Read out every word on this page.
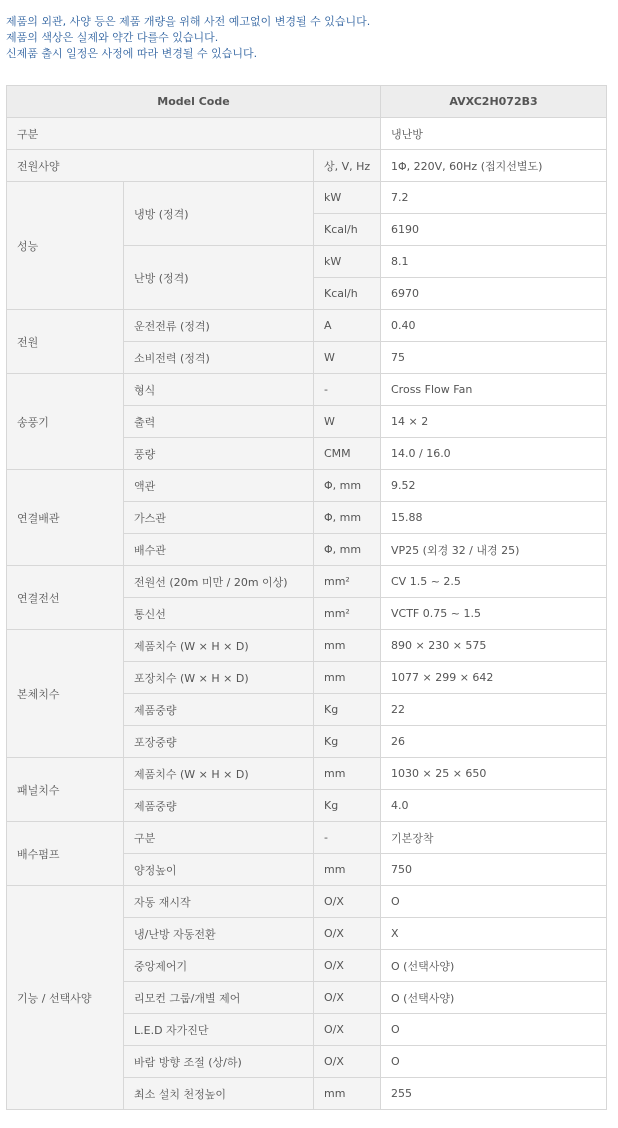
제품의 외관, 사양 등은 제품 개량을 위해 사전 예고없이 변경될 수 있습니다.
제품의 색상은 실제와 약간 다를수 있습니다.
신제품 출시 일정은 사정에 따라 변경될 수 있습니다.
Model Code			AVXC2H072B3
구분			냉난방
전원사양		상, V, Hz	1Φ, 220V, 60Hz (접지선별도)
성능	냉방 (정격)	kW	7.2
		Kcal/h	6190
	난방 (정격)	kW	8.1
		Kcal/h	6970
전원	운전전류 (정격)	A	0.40
	소비전력 (정격)	W	75
송풍기	형식	-	Cross Flow Fan
	출력	W	14 × 2
	풍량	CMM	14.0 / 16.0
연결배관	액관	Φ, mm	9.52
	가스관	Φ, mm	15.88
	배수관	Φ, mm	VP25 (외경 32 / 내경 25)
연결전선	전원선 (20m 미만 / 20m 이상)	mm²	CV 1.5 ~ 2.5
	통신선	mm²	VCTF 0.75 ~ 1.5
본체치수	제품치수 (W × H × D)	mm	890 × 230 × 575
	포장치수 (W × H × D)	mm	1077 × 299 × 642
	제품중량	Kg	22
	포장중량	Kg	26
패널치수	제품치수 (W × H × D)	mm	1030 × 25 × 650
	제품중량	Kg	4.0
배수펌프	구분	-	기본장착
	양정높이	mm	750
기능 / 선택사양	자동 재시작	O/X	O
	냉/난방 자동전환	O/X	X
	중앙제어기	O/X	O (선택사양)
	리모컨 그룹/개별 제어	O/X	O (선택사양)
	L.E.D 자가진단	O/X	O
	바람 방향 조절 (상/하)	O/X	O
	최소 설치 천정높이	mm	255
